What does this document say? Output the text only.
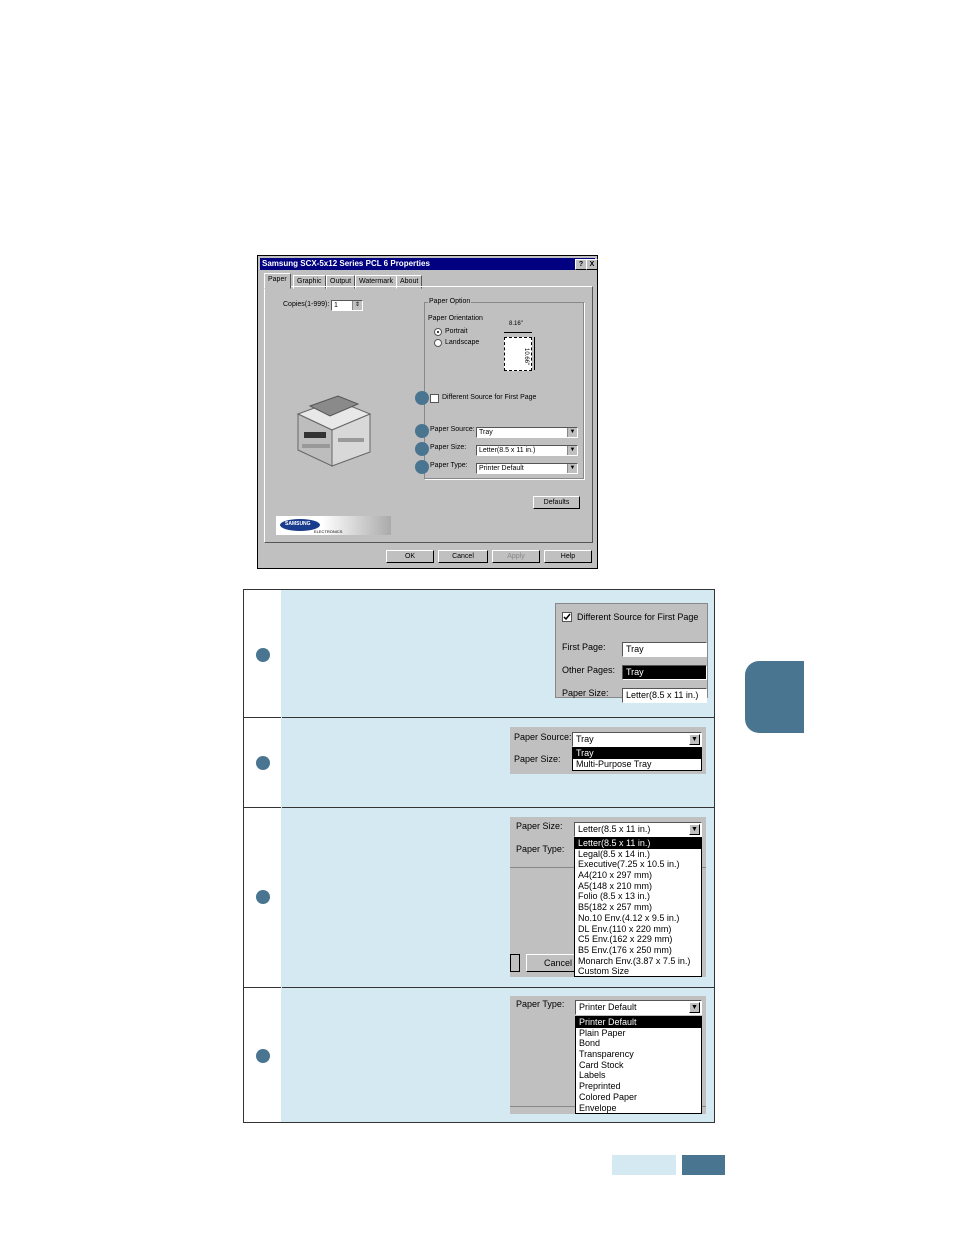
Samsung SCX-5x12 Series PCL 6 Properties	? X
Paper	Graphic	Output	Watermark	About
Copies(1-999): 1	⇕	Paper Option
Paper Orientation
Portrait
Landscape
8.16"
10.66"
Different Source for First Page
Paper Source: Tray	▼
Paper Size:	Letter(8.5 x 11 in.)	▼
Paper Type:	Printer Default	▼
Defaults
SAMSUNG
ELECTRONICS
OK	Cancel	Apply	Help
Different Source for First Page
First Page:	Tray
Other Pages:	Tray
Paper Size:	Letter(8.5 x 11 in.)
Paper Source: Tray	▼
Paper Size:
Tray
Multi-Purpose Tray
Paper Size:	Letter(8.5 x 11 in.)	▼
Paper Type:
Cancel
Letter(8.5 x 11 in.)
Legal(8.5 x 14 in.)
Executive(7.25 x 10.5 in.)
A4(210 x 297 mm)
A5(148 x 210 mm)
Folio (8.5 x 13 in.)
B5(182 x 257 mm)
No.10 Env.(4.12 x 9.5 in.)
DL Env.(110 x 220 mm)
C5 Env.(162 x 229 mm)
B5 Env.(176 x 250 mm)
Monarch Env.(3.87 x 7.5 in.)
Custom Size
Paper Type:	Printer Default	▼
Printer Default
Plain Paper
Bond
Transparency
Card Stock
Labels
Preprinted
Colored Paper
Envelope
